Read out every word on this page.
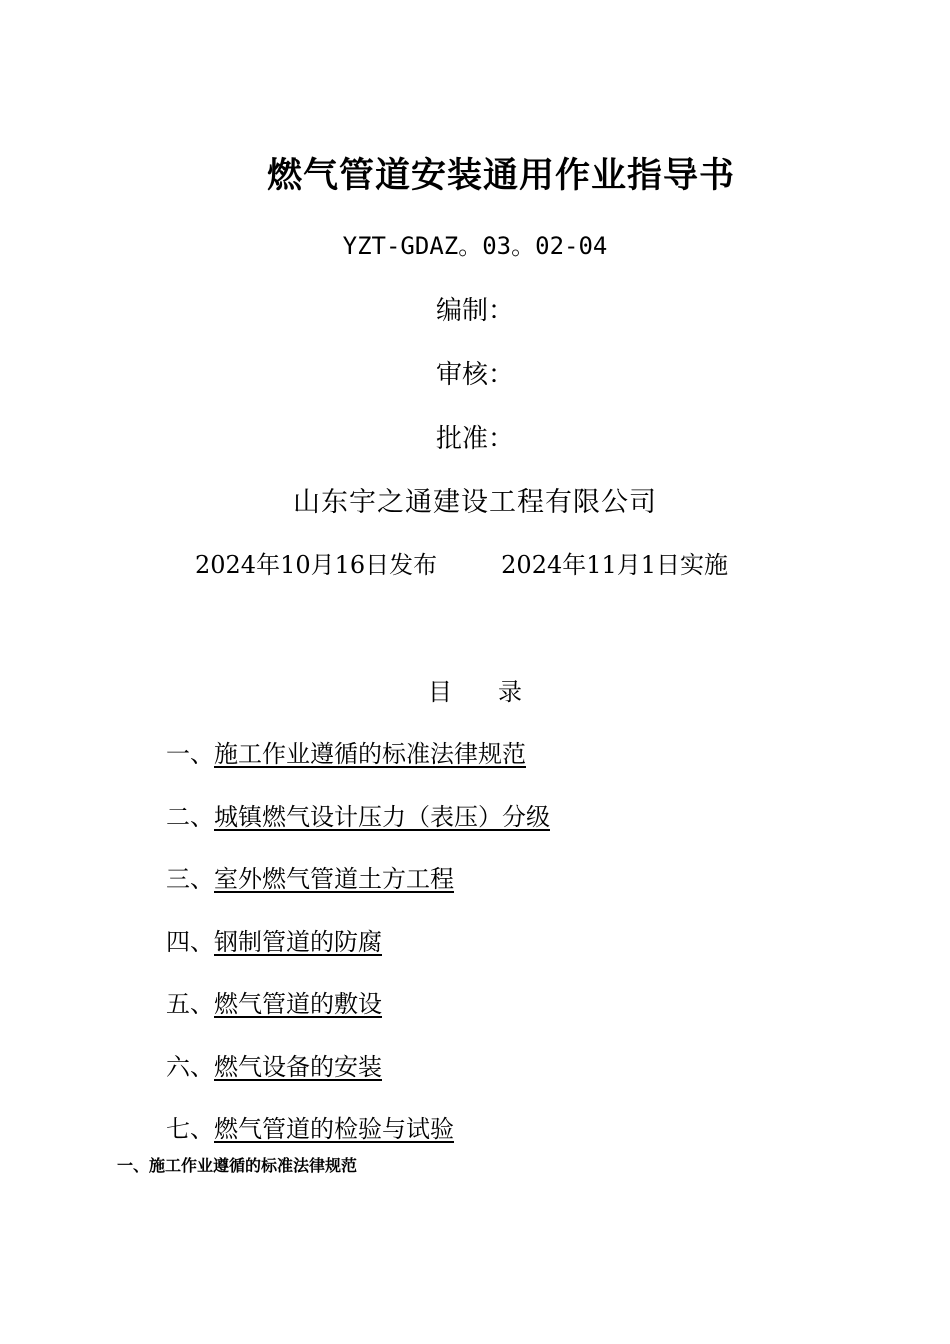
燃气管道安装通用作业指导书
YZT-GDAZ。03。02-04
编制：
审核：
批准：
山东宇之通建设工程有限公司
2024年10月16日发布	2024年11月1日实施
目 录
一、施工作业遵循的标准法律规范
二、城镇燃气设计压力（表压）分级
三、室外燃气管道土方工程
四、钢制管道的防腐
五、燃气管道的敷设
六、燃气设备的安装
七、燃气管道的检验与试验
一、施工作业遵循的标准法律规范
